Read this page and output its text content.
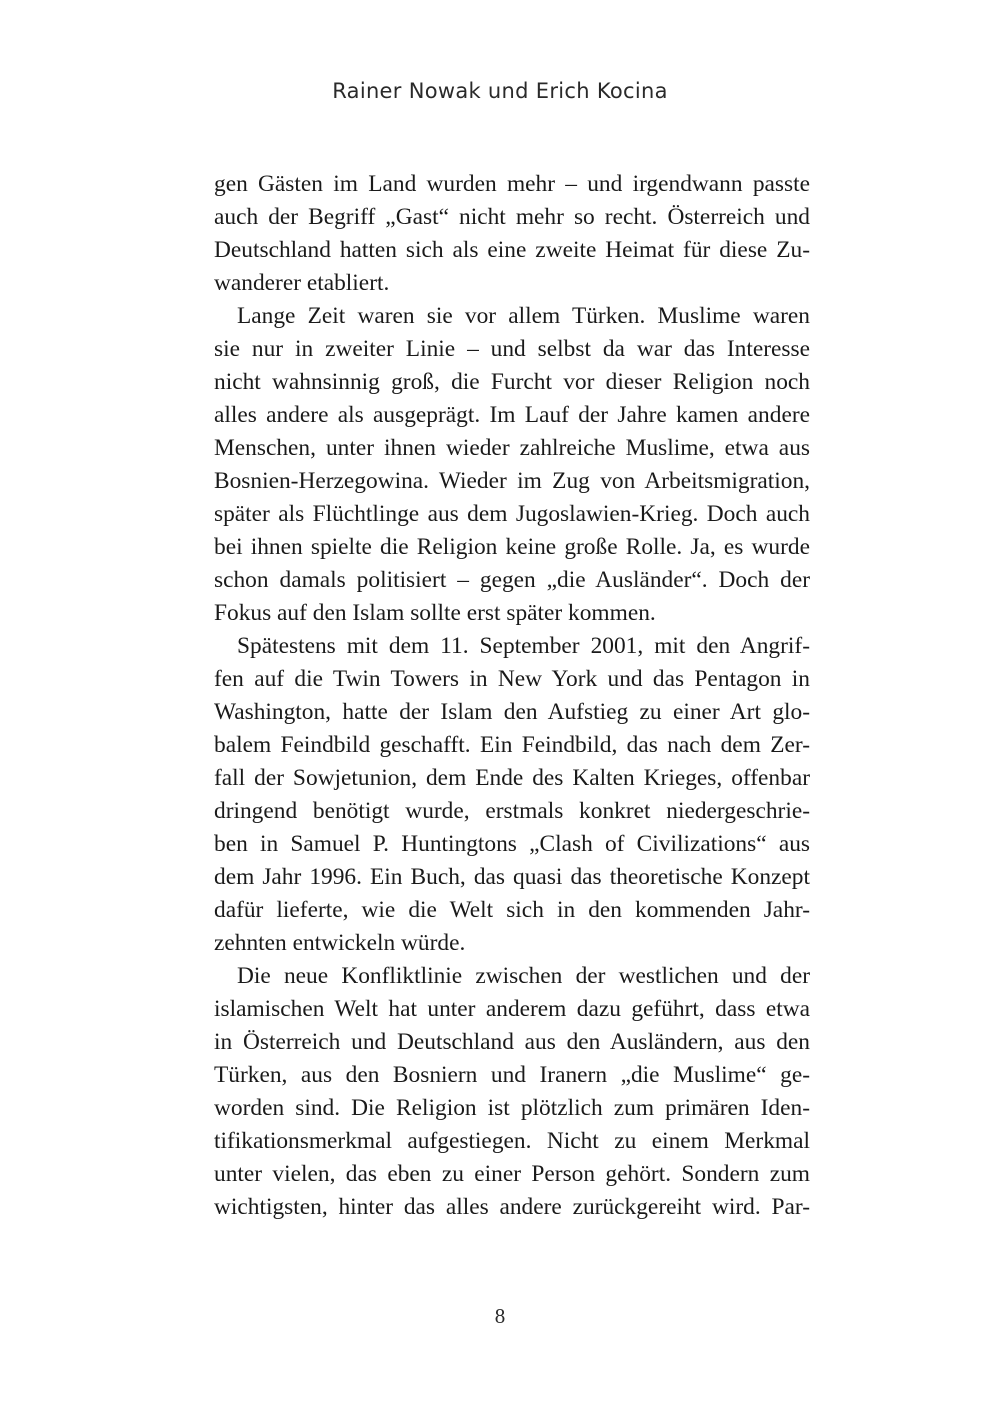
Rainer Nowak und Erich Kocina

gen Gästen im Land wurden mehr – und irgendwann passte
auch der Begriff „Gast“ nicht mehr so recht. Österreich und
Deutschland hatten sich als eine zweite Heimat für diese Zu-
wanderer etabliert.

Lange Zeit waren sie vor allem Türken. Muslime waren
sie nur in zweiter Linie – und selbst da war das Interesse
nicht wahnsinnig groß, die Furcht vor dieser Religion noch
alles andere als ausgeprägt. Im Lauf der Jahre kamen andere
Menschen, unter ihnen wieder zahlreiche Muslime, etwa aus
Bosnien-Herzegowina. Wieder im Zug von Arbeitsmigration,
später als Flüchtlinge aus dem Jugoslawien-Krieg. Doch auch
bei ihnen spielte die Religion keine große Rolle. Ja, es wurde
schon damals politisiert – gegen „die Ausländer“. Doch der
Fokus auf den Islam sollte erst später kommen.

Spätestens mit dem 11. September 2001, mit den Angrif-
fen auf die Twin Towers in New York und das Pentagon in
Washington, hatte der Islam den Aufstieg zu einer Art glo-
balem Feindbild geschafft. Ein Feindbild, das nach dem Zer-
fall der Sowjetunion, dem Ende des Kalten Krieges, offenbar
dringend benötigt wurde, erstmals konkret niedergeschrie-
ben in Samuel P. Huntingtons „Clash of Civilizations“ aus
dem Jahr 1996. Ein Buch, das quasi das theoretische Konzept
dafür lieferte, wie die Welt sich in den kommenden Jahr-
zehnten entwickeln würde.

Die neue Konfliktlinie zwischen der westlichen und der
islamischen Welt hat unter anderem dazu geführt, dass etwa
in Österreich und Deutschland aus den Ausländern, aus den
Türken, aus den Bosniern und Iranern „die Muslime“ ge-
worden sind. Die Religion ist plötzlich zum primären Iden-
tifikationsmerkmal aufgestiegen. Nicht zu einem Merkmal
unter vielen, das eben zu einer Person gehört. Sondern zum
wichtigsten, hinter das alles andere zurückgereiht wird. Par-

8
